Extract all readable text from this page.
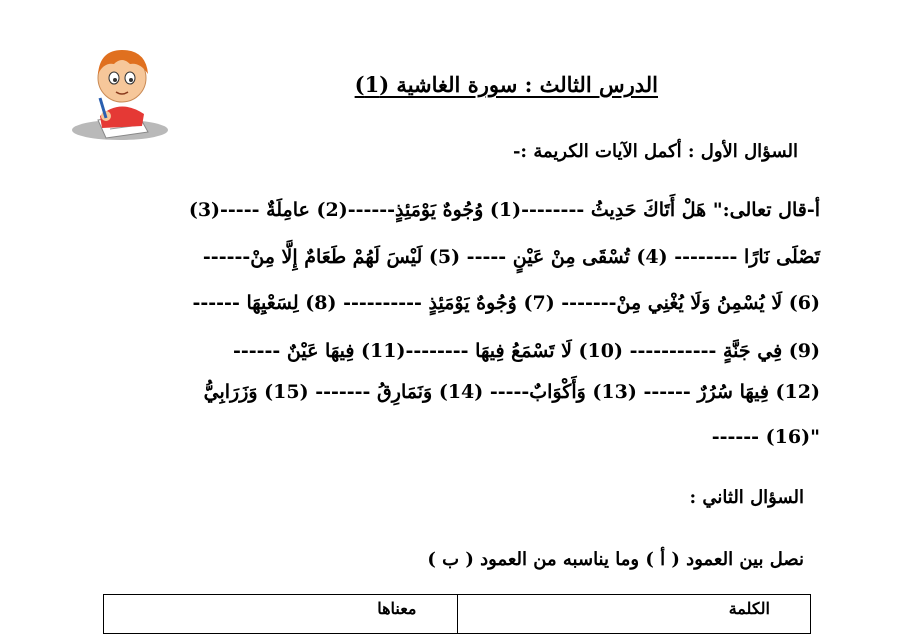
الدرس الثالث : سورة الغاشية (1)
السؤال الأول : أكمل الآيات الكريمة :-
أ-قال تعالى:" هَلْ أَتَاكَ حَدِيثُ --------(1) وُجُوهٌ يَوْمَئِذٍ------(2) عامِلَةٌ -----(3)
تَصْلَى نَارًا -------- (4) تُسْقَى مِنْ عَيْنٍ ----- (5) لَيْسَ لَهُمْ طَعَامٌ إِلَّا مِنْ------
(6) لَا يُسْمِنُ وَلَا يُغْنِي مِنْ------- (7) وُجُوهٌ يَوْمَئِذٍ ---------- (8) لِسَعْيِهَا ------
(9) فِي جَنَّةٍ ----------- (10) لَا تَسْمَعُ فِيهَا --------(11) فِيهَا عَيْنٌ ------
(12) فِيهَا سُرُرٌ ------ (13) وَأَكْوَابٌ----- (14) وَنَمَارِقُ ------- (15) وَزَرَابِيُّ
------ (16)"
السؤال الثاني :
نصل بين العمود ( أ ) وما يناسبه من العمود ( ب )
معناها	الكلمة
